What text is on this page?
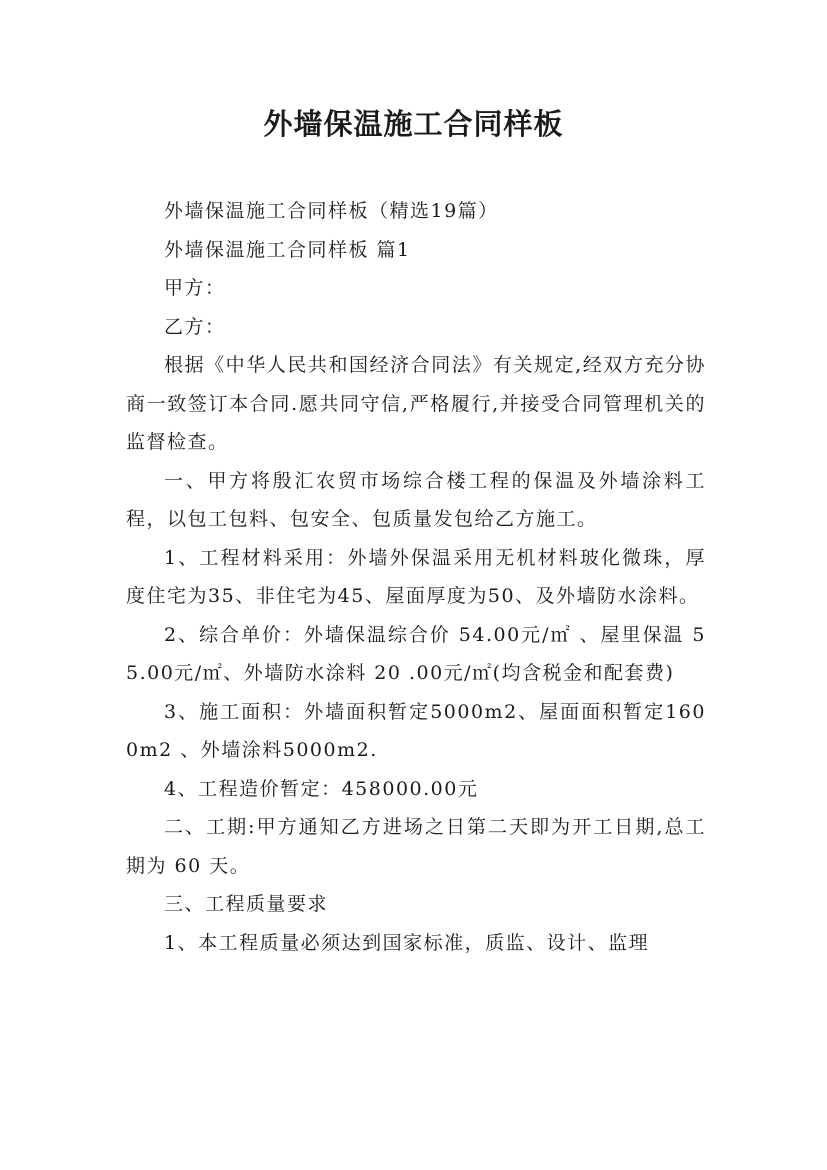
外墙保温施工合同样板

外墙保温施工合同样板（精选19篇）

外墙保温施工合同样板 篇1

甲方：

乙方：

根据《中华人民共和国经济合同法》有关规定,经双方充分协商一致签订本合同.愿共同守信,严格履行,并接受合同管理机关的监督检查。

一、甲方将殷汇农贸市场综合楼工程的保温及外墙涂料工程，以包工包料、包安全、包质量发包给乙方施工。

1、工程材料采用：外墙外保温采用无机材料玻化微珠，厚度住宅为35、非住宅为45、屋面厚度为50、及外墙防水涂料。

2、综合单价：外墙保温综合价 54.00元/㎡ 、屋里保温 55.00元/㎡、外墙防水涂料 20 .00元/㎡(均含税金和配套费)

3、施工面积：外墙面积暂定5000m2、屋面面积暂定1600m2 、外墙涂料5000m2.

4、工程造价暂定：458000.00元

二、工期:甲方通知乙方进场之日第二天即为开工日期,总工期为 60 天。

三、工程质量要求

1、本工程质量必须达到国家标准，质监、设计、监理
